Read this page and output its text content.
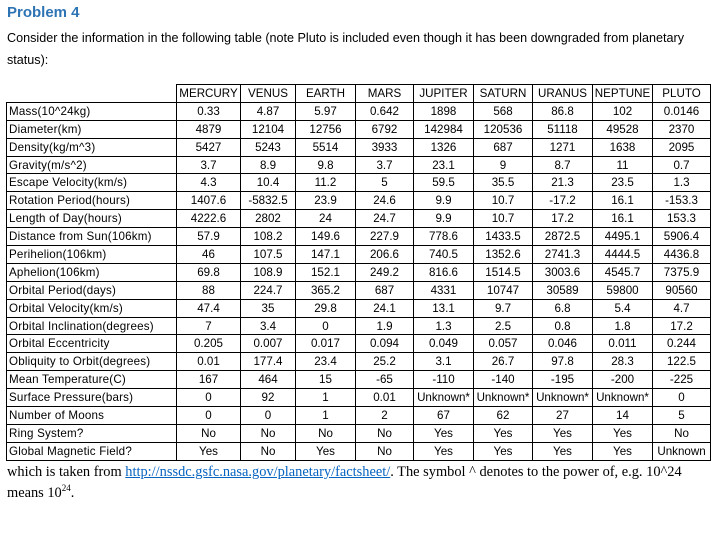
Problem 4
Consider the information in the following table (note Pluto is included even though it has been downgraded from planetary status):
	MERCURY	VENUS	EARTH	MARS	JUPITER	SATURN	URANUS	NEPTUNE	PLUTO
Mass(10^24kg)	0.33	4.87	5.97	0.642	1898	568	86.8	102	0.0146
Diameter(km)	4879	12104	12756	6792	142984	120536	51118	49528	2370
Density(kg/m^3)	5427	5243	5514	3933	1326	687	1271	1638	2095
Gravity(m/s^2)	3.7	8.9	9.8	3.7	23.1	9	8.7	11	0.7
Escape Velocity(km/s)	4.3	10.4	11.2	5	59.5	35.5	21.3	23.5	1.3
Rotation Period(hours)	1407.6	-5832.5	23.9	24.6	9.9	10.7	-17.2	16.1	-153.3
Length of Day(hours)	4222.6	2802	24	24.7	9.9	10.7	17.2	16.1	153.3
Distance from Sun(106km)	57.9	108.2	149.6	227.9	778.6	1433.5	2872.5	4495.1	5906.4
Perihelion(106km)	46	107.5	147.1	206.6	740.5	1352.6	2741.3	4444.5	4436.8
Aphelion(106km)	69.8	108.9	152.1	249.2	816.6	1514.5	3003.6	4545.7	7375.9
Orbital Period(days)	88	224.7	365.2	687	4331	10747	30589	59800	90560
Orbital Velocity(km/s)	47.4	35	29.8	24.1	13.1	9.7	6.8	5.4	4.7
Orbital Inclination(degrees)	7	3.4	0	1.9	1.3	2.5	0.8	1.8	17.2
Orbital Eccentricity	0.205	0.007	0.017	0.094	0.049	0.057	0.046	0.011	0.244
Obliquity to Orbit(degrees)	0.01	177.4	23.4	25.2	3.1	26.7	97.8	28.3	122.5
Mean Temperature(C)	167	464	15	-65	-110	-140	-195	-200	-225
Surface Pressure(bars)	0	92	1	0.01	Unknown*	Unknown*	Unknown*	Unknown*	0
Number of Moons	0	0	1	2	67	62	27	14	5
Ring System?	No	No	No	No	Yes	Yes	Yes	Yes	No
Global Magnetic Field?	Yes	No	Yes	No	Yes	Yes	Yes	Yes	Unknown
which is taken from http://nssdc.gsfc.nasa.gov/planetary/factsheet/. The symbol ^ denotes to the power of, e.g. 10^24 means $10^{24}$.
